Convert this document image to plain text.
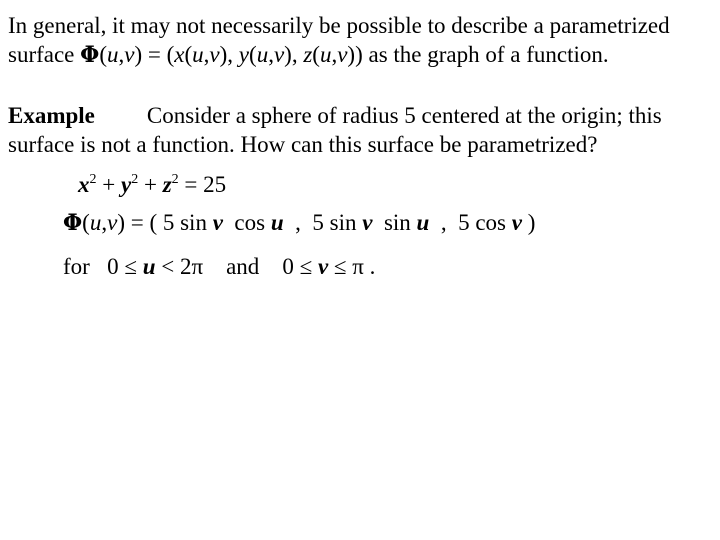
In general, it may not necessarily be possible to describe a parametrized
surface Φ(u,v) = (x(u,v), y(u,v), z(u,v)) as the graph of a function.
Example Consider a sphere of radius 5 centered at the origin; this
surface is not a function. How can this surface be parametrized?
$x^2 + y^2 + z^2 = 25$
Φ(u,v) = ( 5 sin v  cos u  ,  5 sin v  sin u  ,  5 cos v )
for   0 ≤ u < 2π    and    0 ≤ v ≤ π .
